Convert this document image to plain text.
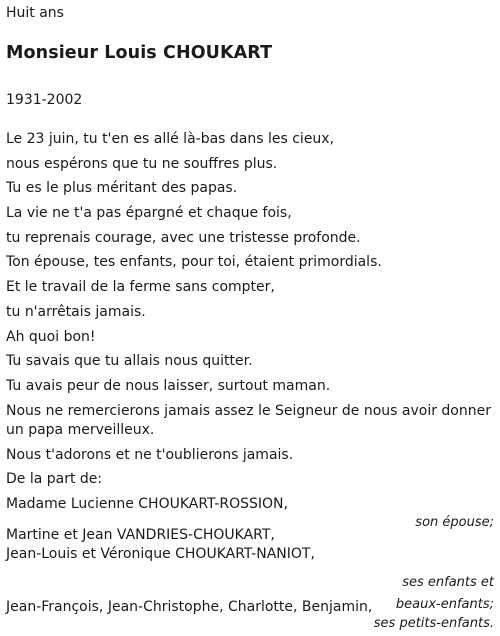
Huit ans
Monsieur Louis CHOUKART
1931-2002
Le 23 juin, tu t'en es allé là-bas dans les cieux,
nous espérons que tu ne souffres plus.
Tu es le plus méritant des papas.
La vie ne t'a pas épargné et chaque fois,
tu reprenais courage, avec une tristesse profonde.
Ton épouse, tes enfants, pour toi, étaient primordials.
Et le travail de la ferme sans compter,
tu n'arrêtais jamais.
Ah quoi bon!
Tu savais que tu allais nous quitter.
Tu avais peur de nous laisser, surtout maman.
Nous ne remercierons jamais assez le Seigneur de nous avoir donner un papa merveilleux.
Nous t'adorons et ne t'oublierons jamais.
De la part de:
Madame Lucienne CHOUKART-ROSSION,
son épouse;
Martine et Jean VANDRIES-CHOUKART,
Jean-Louis et Véronique CHOUKART-NANIOT,
ses enfants et
beaux-enfants;
Jean-François, Jean-Christophe, Charlotte, Benjamin,
ses petits-enfants.
